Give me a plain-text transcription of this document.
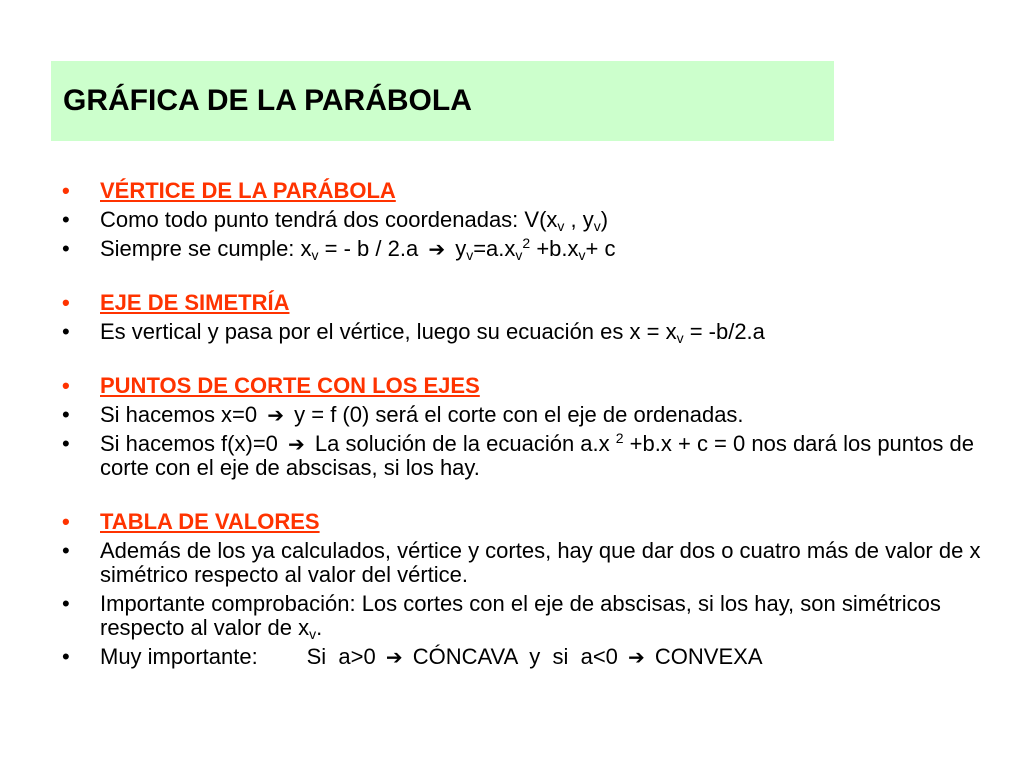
GRÁFICA DE LA PARÁBOLA
•	VÉRTICE DE LA PARÁBOLA
•	Como todo punto tendrá dos coordenadas: $V(x_v$ , $y_v$)
•	Siempre se cumple: $x_v$ = - b / 2.a ➔ $y_v=a.x_v^2 +b.x_v+ c$
•	EJE DE SIMETRÍA
•	Es vertical y pasa por el vértice, luego su ecuación es $x = x_v = -b/2.a$
•	PUNTOS DE CORTE CON LOS EJES
•	Si hacemos x=0 ➔ y = f (0) será el corte con el eje de ordenadas.
•	Si hacemos f(x)=0 ➔ La solución de la ecuación a.x $^2$ +b.x + c = 0 nos dará los puntos de corte con el eje de abscisas, si los hay.
•	TABLA DE VALORES
•	Además de los ya calculados, vértice y cortes, hay que dar dos o cuatro más de valor de x simétrico respecto al valor del vértice.
•	Importante comprobación: Los cortes con el eje de abscisas, si los hay, son simétricos respecto al valor de $x_v$.
•	Muy importante:        Si  a>0 ➔ CÓNCAVA  y  si  a<0 ➔ CONVEXA
